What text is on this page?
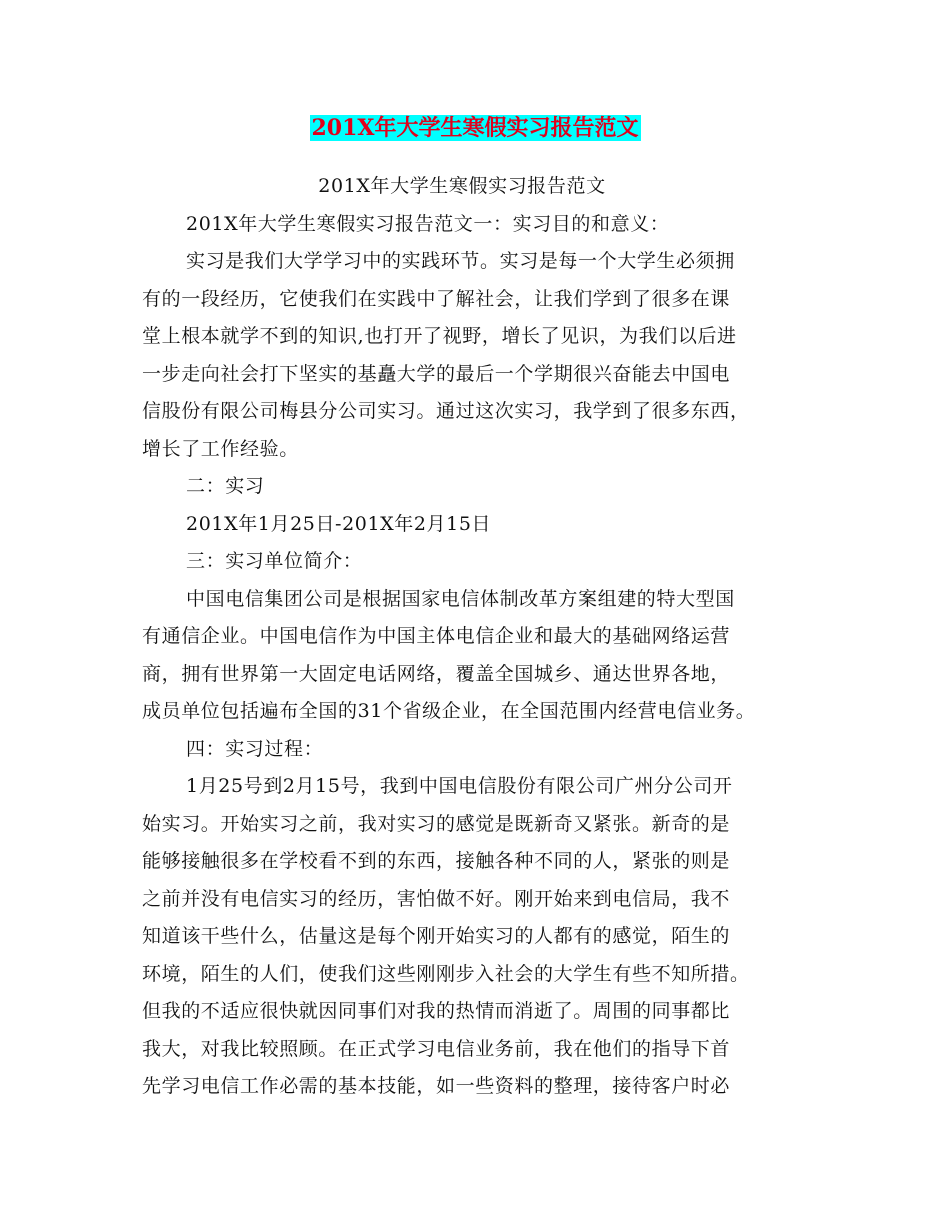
201X年大学生寒假实习报告范文
201X年大学生寒假实习报告范文
201X年大学生寒假实习报告范文一：实习目的和意义：
实习是我们大学学习中的实践环节。实习是每一个大学生必须拥
有的一段经历，它使我们在实践中了解社会，让我们学到了很多在课
堂上根本就学不到的知识,也打开了视野，增长了见识，为我们以后进
一步走向社会打下坚实的基矗大学的最后一个学期很兴奋能去中国电
信股份有限公司梅县分公司实习。通过这次实习，我学到了很多东西，
增长了工作经验。
二：实习
201X年1月25日-201X年2月15日
三：实习单位简介：
中国电信集团公司是根据国家电信体制改革方案组建的特大型国
有通信企业。中国电信作为中国主体电信企业和最大的基础网络运营
商，拥有世界第一大固定电话网络，覆盖全国城乡、通达世界各地，
成员单位包括遍布全国的31个省级企业，在全国范围内经营电信业务。
四：实习过程：
1月25号到2月15号，我到中国电信股份有限公司广州分公司开
始实习。开始实习之前，我对实习的感觉是既新奇又紧张。新奇的是
能够接触很多在学校看不到的东西，接触各种不同的人，紧张的则是
之前并没有电信实习的经历，害怕做不好。刚开始来到电信局，我不
知道该干些什么，估量这是每个刚开始实习的人都有的感觉，陌生的
环境，陌生的人们，使我们这些刚刚步入社会的大学生有些不知所措。
但我的不适应很快就因同事们对我的热情而消逝了。周围的同事都比
我大，对我比较照顾。在正式学习电信业务前，我在他们的指导下首
先学习电信工作必需的基本技能，如一些资料的整理，接待客户时必
